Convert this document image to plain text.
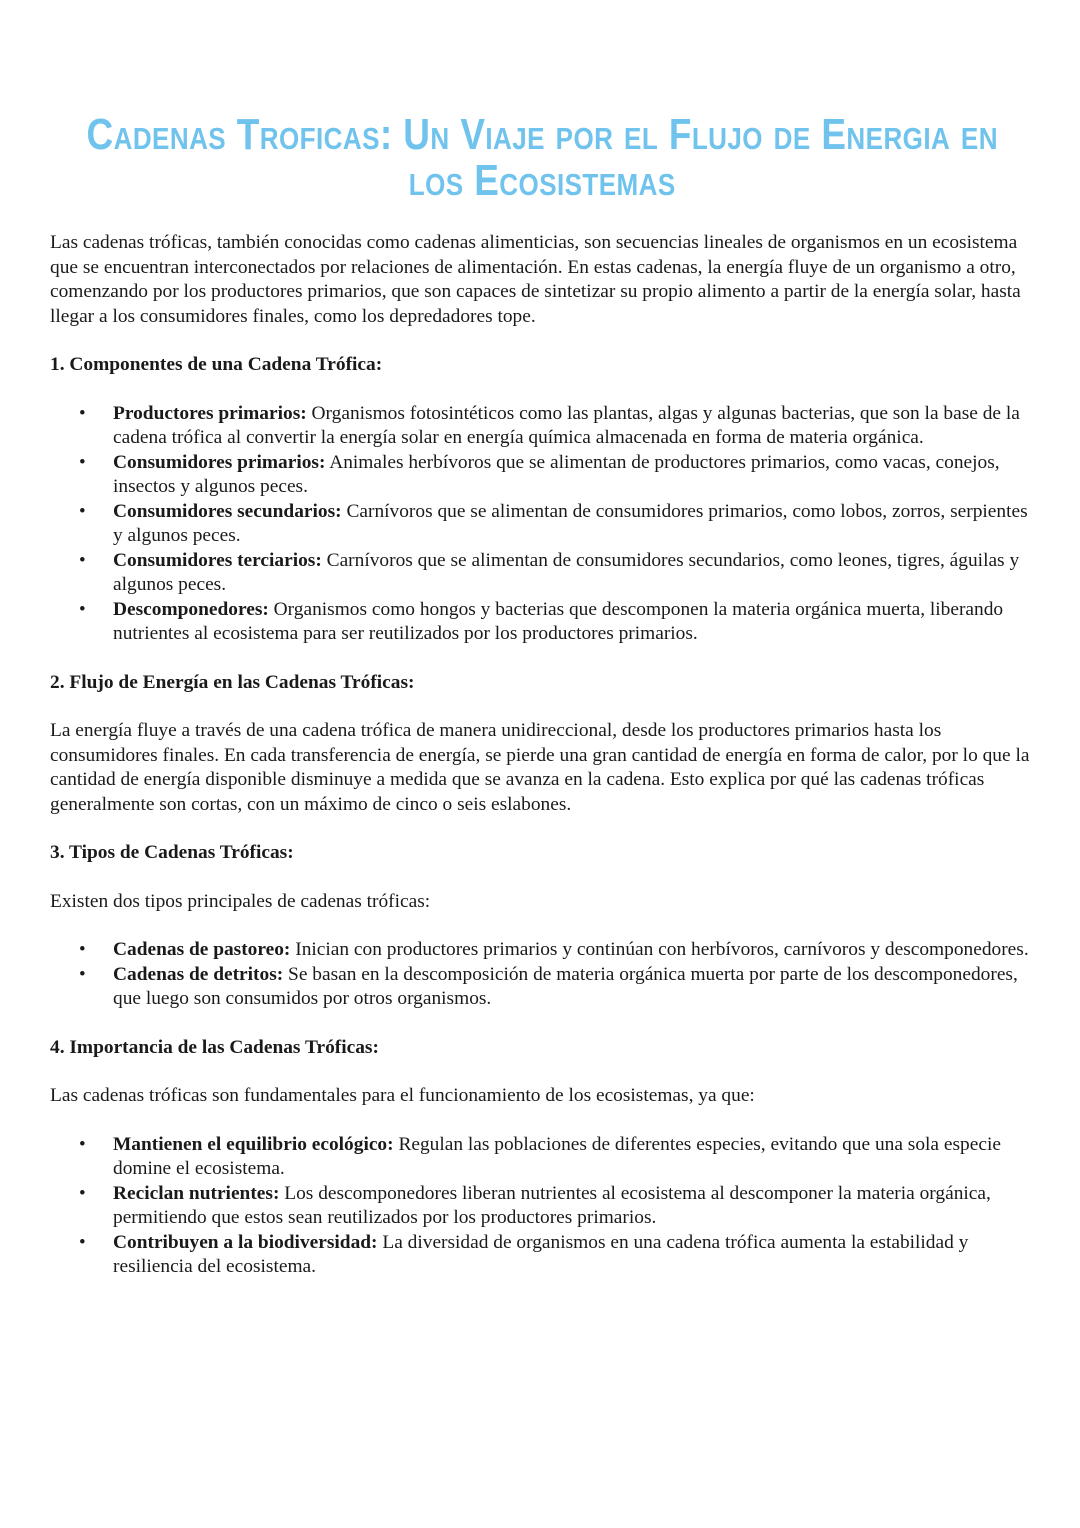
Cadenas Troficas: Un Viaje por el Flujo de Energia en los Ecosistemas

Las cadenas tróficas, también conocidas como cadenas alimenticias, son secuencias lineales de organismos en un ecosistema que se encuentran interconectados por relaciones de alimentación. En estas cadenas, la energía fluye de un organismo a otro, comenzando por los productores primarios, que son capaces de sintetizar su propio alimento a partir de la energía solar, hasta llegar a los consumidores finales, como los depredadores tope.

1. Componentes de una Cadena Trófica:
• Productores primarios: Organismos fotosintéticos como las plantas, algas y algunas bacterias, que son la base de la cadena trófica al convertir la energía solar en energía química almacenada en forma de materia orgánica.
• Consumidores primarios: Animales herbívoros que se alimentan de productores primarios, como vacas, conejos, insectos y algunos peces.
• Consumidores secundarios: Carnívoros que se alimentan de consumidores primarios, como lobos, zorros, serpientes y algunos peces.
• Consumidores terciarios: Carnívoros que se alimentan de consumidores secundarios, como leones, tigres, águilas y algunos peces.
• Descomponedores: Organismos como hongos y bacterias que descomponen la materia orgánica muerta, liberando nutrientes al ecosistema para ser reutilizados por los productores primarios.
2. Flujo de Energía en las Cadenas Tróficas:

La energía fluye a través de una cadena trófica de manera unidireccional, desde los productores primarios hasta los consumidores finales. En cada transferencia de energía, se pierde una gran cantidad de energía en forma de calor, por lo que la cantidad de energía disponible disminuye a medida que se avanza en la cadena. Esto explica por qué las cadenas tróficas generalmente son cortas, con un máximo de cinco o seis eslabones.

3. Tipos de Cadenas Tróficas:

Existen dos tipos principales de cadenas tróficas:

• Cadenas de pastoreo: Inician con productores primarios y continúan con herbívoros, carnívoros y descomponedores.
• Cadenas de detritos: Se basan en la descomposición de materia orgánica muerta por parte de los descomponedores, que luego son consumidos por otros organismos.
4. Importancia de las Cadenas Tróficas:

Las cadenas tróficas son fundamentales para el funcionamiento de los ecosistemas, ya que:

• Mantienen el equilibrio ecológico: Regulan las poblaciones de diferentes especies, evitando que una sola especie domine el ecosistema.
• Reciclan nutrientes: Los descomponedores liberan nutrientes al ecosistema al descomponer la materia orgánica, permitiendo que estos sean reutilizados por los productores primarios.
• Contribuyen a la biodiversidad: La diversidad de organismos en una cadena trófica aumenta la estabilidad y resiliencia del ecosistema.
